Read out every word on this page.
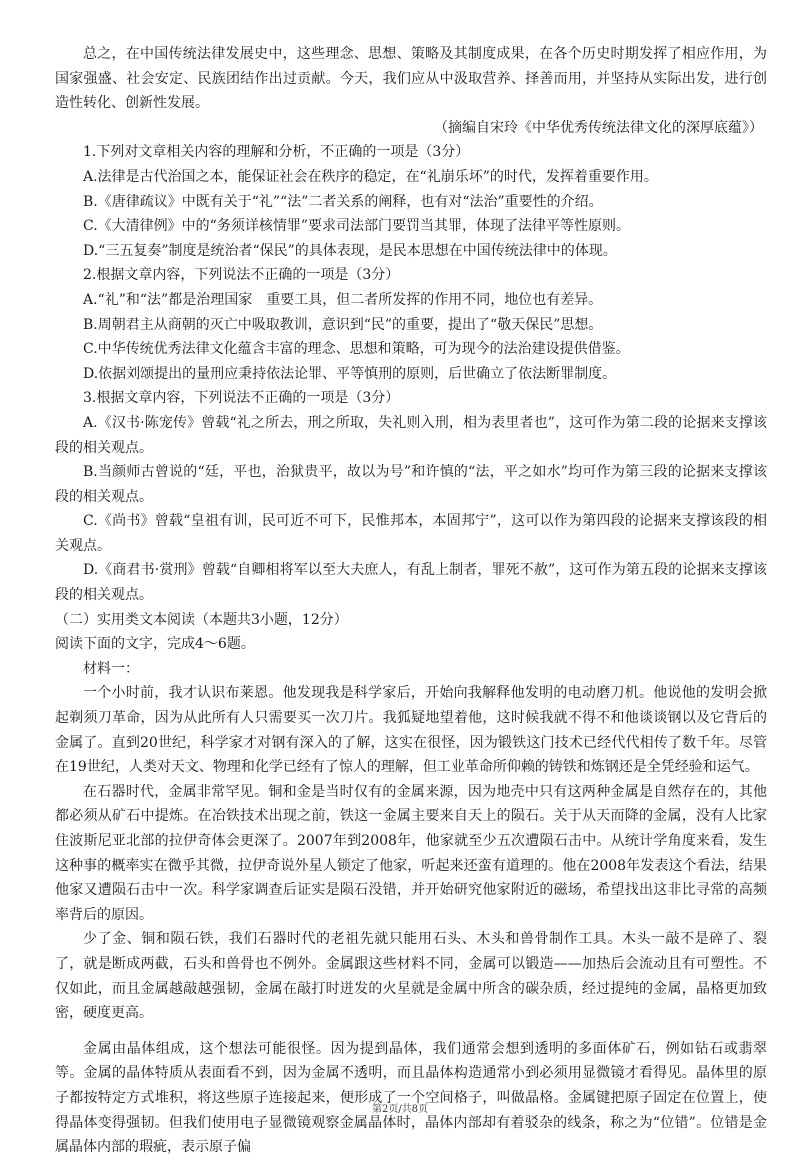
总之，在中国传统法律发展史中，这些理念、思想、策略及其制度成果，在各个历史时期发挥了相应作用，为国家强盛、社会安定、民族团结作出过贡献。今天，我们应从中汲取营养、择善而用，并坚持从实际出发，进行创造性转化、创新性发展。

（摘编自宋玲《中华优秀传统法律文化的深厚底蕴》）

1.下列对文章相关内容的理解和分析，不正确的一项是（3分）

A.法律是古代治国之本，能保证社会在秩序的稳定，在“礼崩乐坏”的时代，发挥着重要作用。

B.《唐律疏议》中既有关于“礼”“法”二者关系的阐释，也有对“法治”重要性的介绍。

C.《大清律例》中的“务须详核情罪”要求司法部门要罚当其罪，体现了法律平等性原则。

D.“三五复奏”制度是统治者“保民”的具体表现，是民本思想在中国传统法律中的体现。

2.根据文章内容，下列说法不正确的一项是（3分）

A.“礼”和“法”都是治理国家　重要工具，但二者所发挥的作用不同，地位也有差异。

B.周朝君主从商朝的灭亡中吸取教训，意识到“民”的重要，提出了“敬天保民”思想。

C.中华传统优秀法律文化蕴含丰富的理念、思想和策略，可为现今的法治建设提供借鉴。

D.依据刘颂提出的量刑应秉持依法论罪、平等慎刑的原则，后世确立了依法断罪制度。

3.根据文章内容，下列说法不正确的一项是（3分）

A.《汉书·陈宠传》曾载“礼之所去，刑之所取，失礼则入刑，相为表里者也”，这可作为第二段的论据来支撑该段的相关观点。

B.当颜师古曾说的“廷，平也，治狱贵平，故以为号”和许慎的“法，平之如水”均可作为第三段的论据来支撑该段的相关观点。

C.《尚书》曾载“皇祖有训，民可近不可下，民惟邦本，本固邦宁”，这可以作为第四段的论据来支撑该段的相关观点。

D.《商君书·赏刑》曾载“自卿相将军以至大夫庶人，有乱上制者，罪死不赦”，这可作为第五段的论据来支撑该段的相关观点。

（二）实用类文本阅读（本题共3小题，12分）

阅读下面的文字，完成4～6题。

材料一：

一个小时前，我才认识布莱恩。他发现我是科学家后，开始向我解释他发明的电动磨刀机。他说他的发明会掀起剃须刀革命，因为从此所有人只需要买一次刀片。我狐疑地望着他，这时候我就不得不和他谈谈钢以及它背后的金属了。直到20世纪，科学家才对钢有深入的了解，这实在很怪，因为锻铁这门技术已经代代相传了数千年。尽管在19世纪，人类对天文、物理和化学已经有了惊人的理解，但工业革命所仰赖的铸铁和炼钢还是全凭经验和运气。

在石器时代，金属非常罕见。铜和金是当时仅有的金属来源，因为地壳中只有这两种金属是自然存在的，其他都必须从矿石中提炼。在冶铁技术出现之前，铁这一金属主要来自天上的陨石。关于从天而降的金属，没有人比家住波斯尼亚北部的拉伊奇体会更深了。2007年到2008年，他家就至少五次遭陨石击中。从统计学角度来看，发生这种事的概率实在微乎其微，拉伊奇说外星人锁定了他家，听起来还蛮有道理的。他在2008年发表这个看法，结果他家又遭陨石击中一次。科学家调查后证实是陨石没错，并开始研究他家附近的磁场，希望找出这非比寻常的高频率背后的原因。

少了金、铜和陨石铁，我们石器时代的老祖先就只能用石头、木头和兽骨制作工具。木头一敲不是碎了、裂了，就是断成两截，石头和兽骨也不例外。金属跟这些材料不同，金属可以锻造——加热后会流动且有可塑性。不仅如此，而且金属越敲越强韧，金属在敲打时迸发的火星就是金属中所含的碳杂质，经过提纯的金属，晶格更加致密，硬度更高。

金属由晶体组成，这个想法可能很怪。因为提到晶体，我们通常会想到透明的多面体矿石，例如钻石或翡翠等。金属的晶体特质从表面看不到，因为金属不透明，而且晶体构造通常小到必须用显微镜才看得见。晶体里的原子都按特定方式堆积，将这些原子连接起来，便形成了一个空间格子，叫做晶格。金属键把原子固定在位置上，使得晶体变得强韧。但我们使用电子显微镜观察金属晶体时，晶体内部却有着驳杂的线条，称之为“位错”。位错是金属晶体内部的瑕疵，表示原子偏

第2页/共8页
